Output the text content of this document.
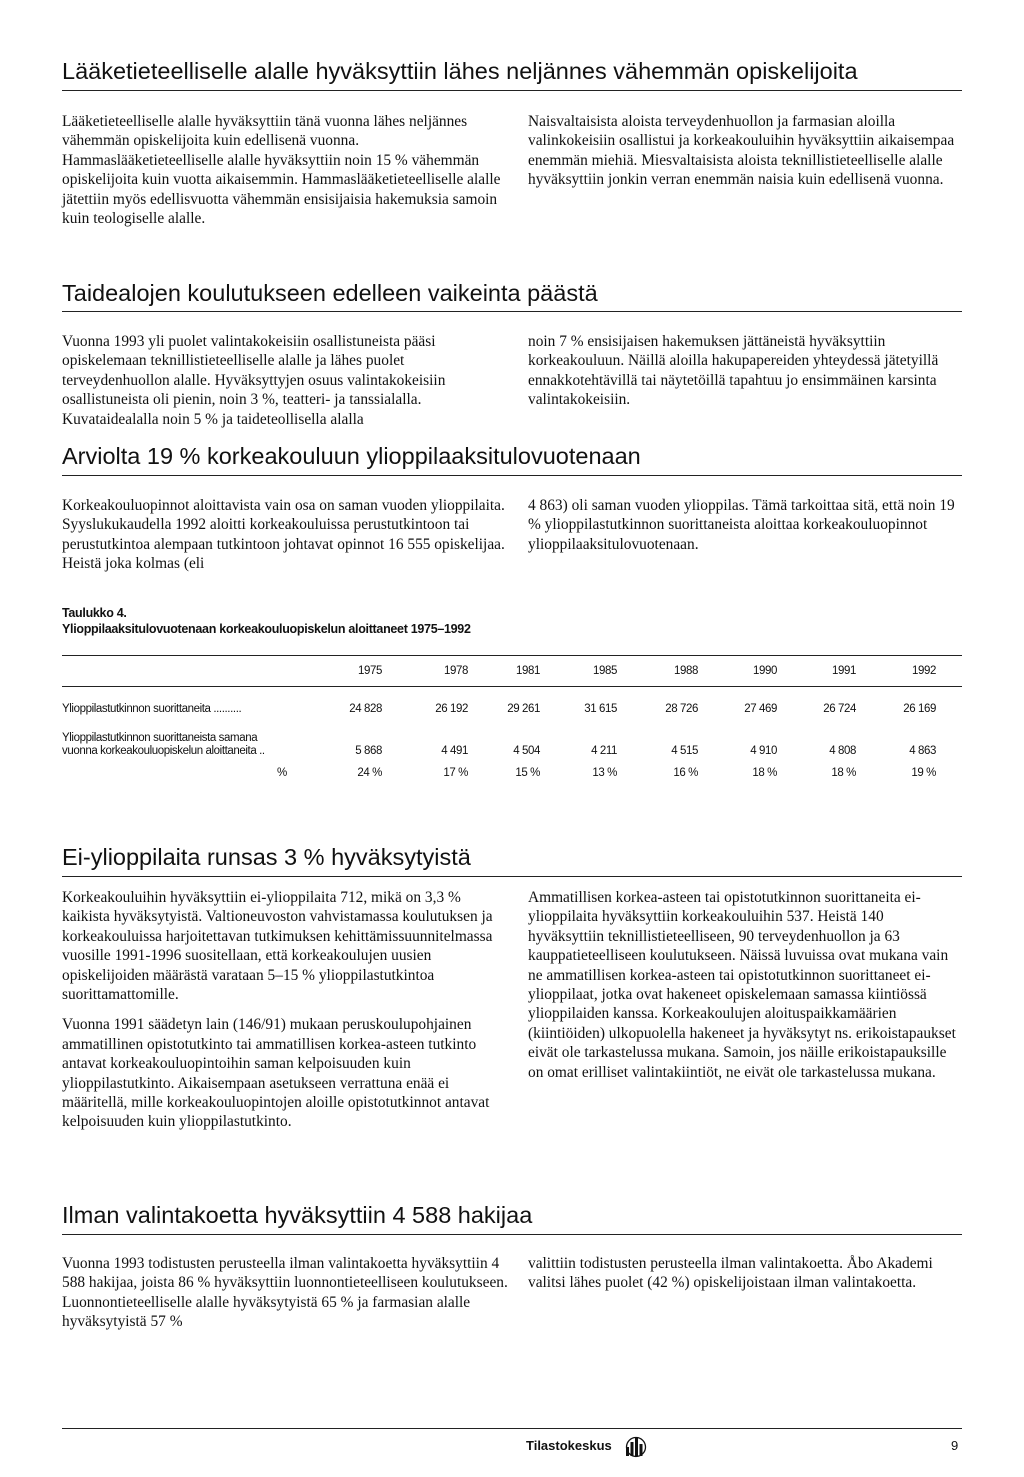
Lääketieteelliselle alalle hyväksyttiin lähes neljännes vähemmän opiskelijoita

Lääketieteelliselle alalle hyväksyttiin tänä vuonna lähes neljännes vähemmän opiskelijoita kuin edellisenä vuonna. Hammaslääketieteelliselle alalle hyväksyttiin noin 15 % vähemmän opiskelijoita kuin vuotta aikaisemmin. Hammaslääketieteelliselle alalle jätettiin myös edellisvuotta vähemmän ensisijaisia hakemuksia samoin kuin teologiselle alalle.

Naisvaltaisista aloista terveydenhuollon ja farmasian aloilla valinkokeisiin osallistui ja korkeakouluihin hyväksyttiin aikaisempaa enemmän miehiä. Miesvaltaisista aloista teknillistieteelliselle alalle hyväksyttiin jonkin verran enemmän naisia kuin edellisenä vuonna.

Taidealojen koulutukseen edelleen vaikeinta päästä

Vuonna 1993 yli puolet valintakokeisiin osallistuneista pääsi opiskelemaan teknillistieteelliselle alalle ja lähes puolet terveydenhuollon alalle. Hyväksyttyjen osuus valintakokeisiin osallistuneista oli pienin, noin 3 %, teatteri- ja tanssialalla. Kuvataidealalla noin 5 % ja taideteollisella alalla

noin 7 % ensisijaisen hakemuksen jättäneistä hyväksyttiin korkeakouluun. Näillä aloilla hakupapereiden yhteydessä jätetyillä ennakkotehtävillä tai näytetöillä tapahtuu jo ensimmäinen karsinta valintakokeisiin.

Arviolta 19 % korkeakouluun ylioppilaaksitulovuotenaan

Korkeakouluopinnot aloittavista vain osa on saman vuoden ylioppilaita. Syyslukukaudella 1992 aloitti korkeakouluissa perustutkintoon tai perustutkintoa alempaan tutkintoon johtavat opinnot 16 555 opiskelijaa. Heistä joka kolmas (eli

4 863) oli saman vuoden ylioppilas. Tämä tarkoittaa sitä, että noin 19 % ylioppilastutkinnon suorittaneista aloittaa korkeakouluopinnot ylioppilaaksitulovuotenaan.

Taulukko 4.
Ylioppilaaksitulovuotenaan korkeakouluopiskelun aloittaneet 1975–1992
1975	1978	1981	1985	1988	1990	1991	1992
Ylioppilastutkinnon suorittaneita ..........	24 828	26 192	29 261	31 615	28 726	27 469	26 724	26 169
Ylioppilastutkinnon suorittaneista samana
vuonna korkeakouluopiskelun aloittaneita ..	5 868	4 491	4 504	4 211	4 515	4 910	4 808	4 863
%	24 %	17 %	15 %	13 %	16 %	18 %	18 %	19 %
Ei-ylioppilaita runsas 3 % hyväksytyistä

Korkeakouluihin hyväksyttiin ei-ylioppilaita 712, mikä on 3,3 % kaikista hyväksytyistä. Valtioneuvoston vahvistamassa koulutuksen ja korkeakouluissa harjoitettavan tutkimuksen kehittämissuunnitelmassa vuosille 1991-1996 suositellaan, että korkeakoulujen uusien opiskelijoiden määrästä varataan 5–15 % ylioppilastutkintoa suorittamattomille.

Vuonna 1991 säädetyn lain (146/91) mukaan peruskoulupohjainen ammatillinen opistotutkinto tai ammatillisen korkea-asteen tutkinto antavat korkeakouluopintoihin saman kelpoisuuden kuin ylioppilastutkinto. Aikaisempaan asetukseen verrattuna enää ei määritellä, mille korkeakouluopintojen aloille opistotutkinnot antavat kelpoisuuden kuin ylioppilastutkinto.

Ammatillisen korkea-asteen tai opistotutkinnon suorittaneita ei-ylioppilaita hyväksyttiin korkeakouluihin 537. Heistä 140 hyväksyttiin teknillistieteelliseen, 90 terveydenhuollon ja 63 kauppatieteelliseen koulutukseen. Näissä luvuissa ovat mukana vain ne ammatillisen korkea-asteen tai opistotutkinnon suorittaneet ei-ylioppilaat, jotka ovat hakeneet opiskelemaan samassa kiintiössä ylioppilaiden kanssa. Korkeakoulujen aloituspaikkamäärien (kiintiöiden) ulkopuolella hakeneet ja hyväksytyt ns. erikoistapaukset eivät ole tarkastelussa mukana. Samoin, jos näille erikoistapauksille on omat erilliset valintakiintiöt, ne eivät ole tarkastelussa mukana.

Ilman valintakoetta hyväksyttiin 4 588 hakijaa

Vuonna 1993 todistusten perusteella ilman valintakoetta hyväksyttiin 4 588 hakijaa, joista 86 % hyväksyttiin luonnontieteelliseen koulutukseen. Luonnontieteelliselle alalle hyväksytyistä 65 % ja farmasian alalle hyväksytyistä 57 %

valittiin todistusten perusteella ilman valintakoetta. Åbo Akademi valitsi lähes puolet (42 %) opiskelijoistaan ilman valintakoetta.

Tilastokeskus	9
